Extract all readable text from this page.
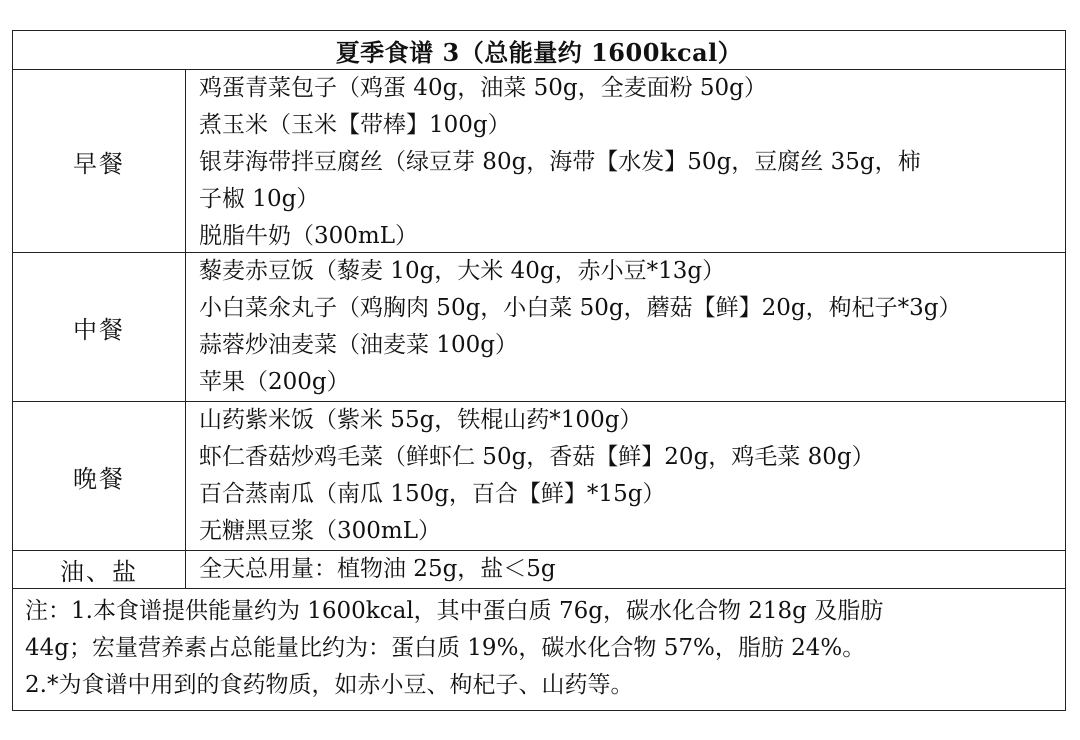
夏季食谱 3（总能量约 1600kcal）
早餐
鸡蛋青菜包子（鸡蛋 40g，油菜 50g，全麦面粉 50g）
煮玉米（玉米【带棒】100g）
银芽海带拌豆腐丝（绿豆芽 80g，海带【水发】50g，豆腐丝 35g，柿
子椒 10g）
脱脂牛奶（300mL）
中餐
藜麦赤豆饭（藜麦 10g，大米 40g，赤小豆*13g）
小白菜氽丸子（鸡胸肉 50g，小白菜 50g，蘑菇【鲜】20g，枸杞子*3g）
蒜蓉炒油麦菜（油麦菜 100g）
苹果（200g）
晚餐
山药紫米饭（紫米 55g，铁棍山药*100g）
虾仁香菇炒鸡毛菜（鲜虾仁 50g，香菇【鲜】20g，鸡毛菜 80g）
百合蒸南瓜（南瓜 150g，百合【鲜】*15g）
无糖黑豆浆（300mL）
油、盐	全天总用量：植物油 25g，盐＜5g
注：1.本食谱提供能量约为 1600kcal，其中蛋白质 76g，碳水化合物 218g 及脂肪
44g；宏量营养素占总能量比约为：蛋白质 19%，碳水化合物 57%，脂肪 24%。
2.*为食谱中用到的食药物质，如赤小豆、枸杞子、山药等。
